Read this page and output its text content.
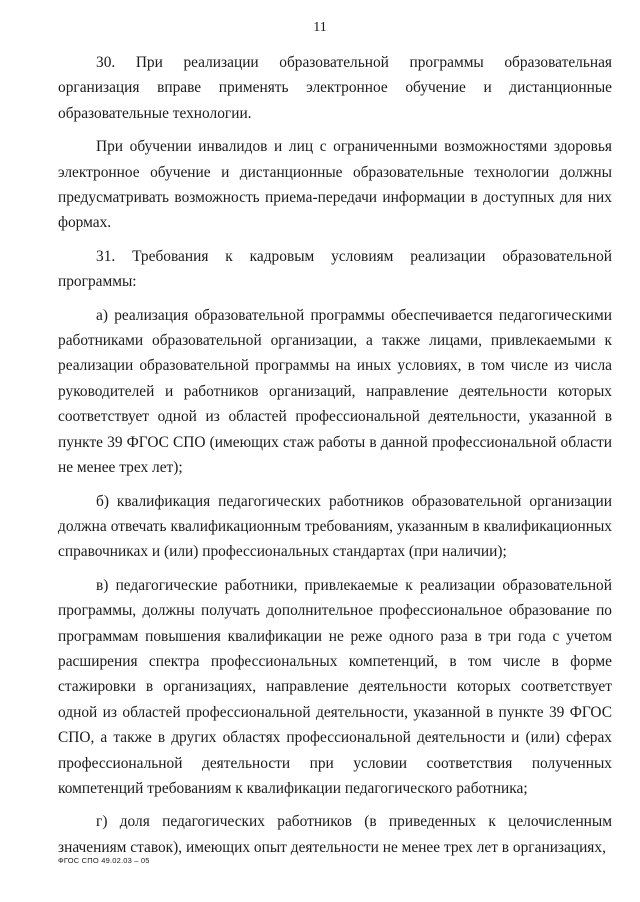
11

30. При реализации образовательной программы образовательная организация вправе применять электронное обучение и дистанционные образовательные технологии.

При обучении инвалидов и лиц с ограниченными возможностями здоровья электронное обучение и дистанционные образовательные технологии должны предусматривать возможность приема-передачи информации в доступных для них формах.

31. Требования к кадровым условиям реализации образовательной программы:

а) реализация образовательной программы обеспечивается педагогическими работниками образовательной организации, а также лицами, привлекаемыми к реализации образовательной программы на иных условиях, в том числе из числа руководителей и работников организаций, направление деятельности которых соответствует одной из областей профессиональной деятельности, указанной в пункте 39 ФГОС СПО (имеющих стаж работы в данной профессиональной области не менее трех лет);

б) квалификация педагогических работников образовательной организации должна отвечать квалификационным требованиям, указанным в квалификационных справочниках и (или) профессиональных стандартах (при наличии);

в) педагогические работники, привлекаемые к реализации образовательной программы, должны получать дополнительное профессиональное образование по программам повышения квалификации не реже одного раза в три года с учетом расширения спектра профессиональных компетенций, в том числе в форме стажировки в организациях, направление деятельности которых соответствует одной из областей профессиональной деятельности, указанной в пункте 39 ФГОС СПО, а также в других областях профессиональной деятельности и (или) сферах профессиональной деятельности при условии соответствия полученных компетенций требованиям к квалификации педагогического работника;

г) доля педагогических работников (в приведенных к целочисленным значениям ставок), имеющих опыт деятельности не менее трех лет в организациях,

ФГОС СПО 49.02.03 – 05
